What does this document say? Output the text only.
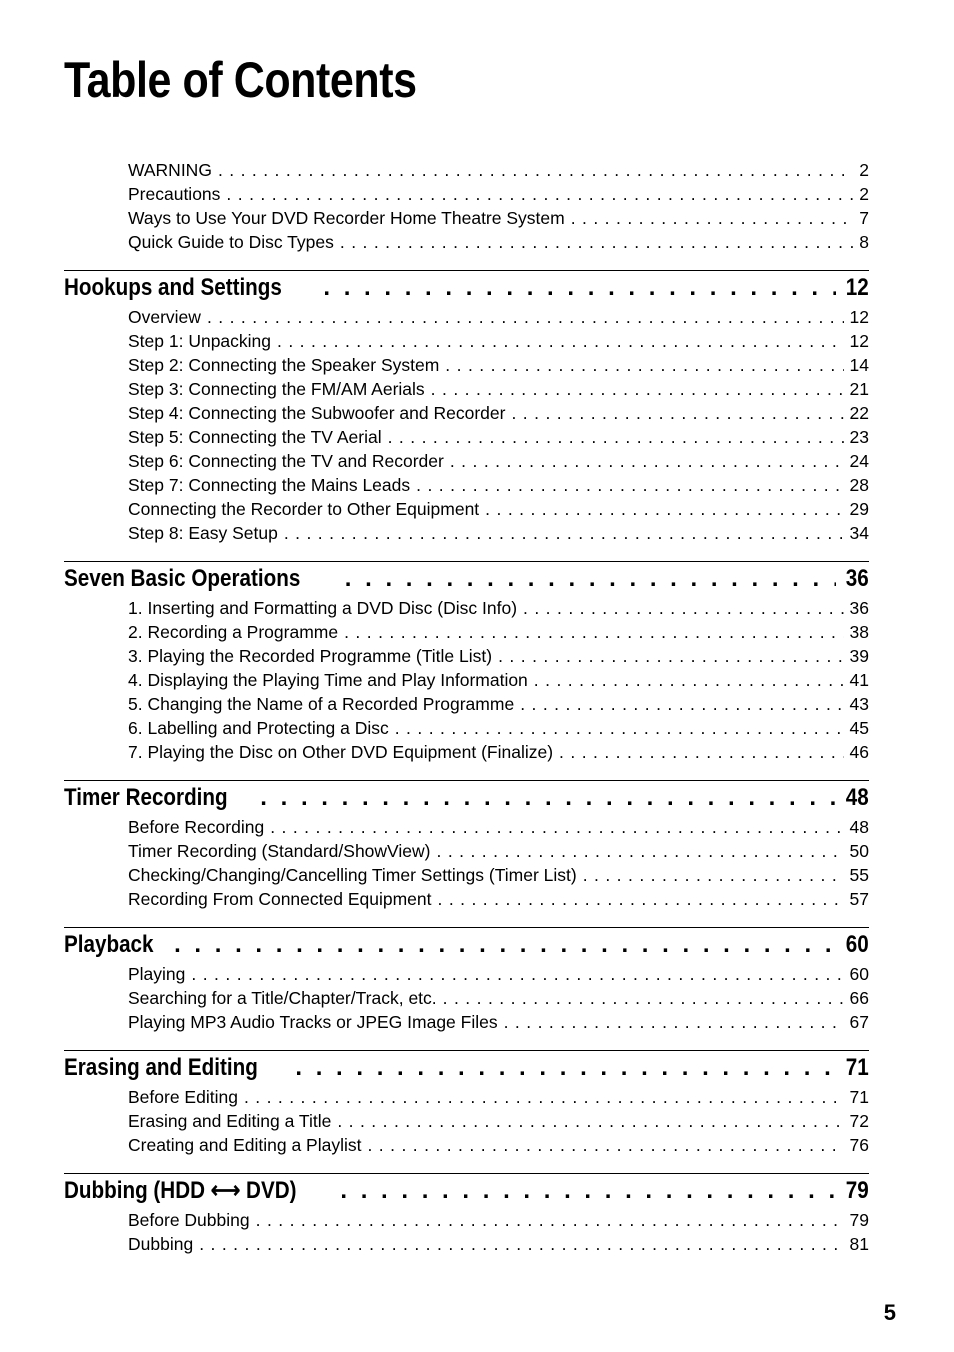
Table of Contents
WARNING . . .	2
Precautions . . .	2
Ways to Use Your DVD Recorder Home Theatre System . . .	7
Quick Guide to Disc Types . . .	8
Hookups and Settings . . .	12
Overview . . .	12
Step 1: Unpacking . . .	12
Step 2: Connecting the Speaker System . . .	14
Step 3: Connecting the FM/AM Aerials . . .	21
Step 4: Connecting the Subwoofer and Recorder . . .	22
Step 5: Connecting the TV Aerial . . .	23
Step 6: Connecting the TV and Recorder . . .	24
Step 7: Connecting the Mains Leads . . .	28
Connecting the Recorder to Other Equipment . . .	29
Step 8: Easy Setup . . .	34
Seven Basic Operations . . .	36
1. Inserting and Formatting a DVD Disc (Disc Info) . . .	36
2. Recording a Programme . . .	38
3. Playing the Recorded Programme (Title List) . . .	39
4. Displaying the Playing Time and Play Information . . .	41
5. Changing the Name of a Recorded Programme . . .	43
6. Labelling and Protecting a Disc . . .	45
7. Playing the Disc on Other DVD Equipment (Finalize) . . .	46
Timer Recording . . .	48
Before Recording . . .	48
Timer Recording (Standard/ShowView) . . .	50
Checking/Changing/Cancelling Timer Settings (Timer List) . . .	55
Recording From Connected Equipment . . .	57
Playback . . .	60
Playing . . .	60
Searching for a Title/Chapter/Track, etc. . . .	66
Playing MP3 Audio Tracks or JPEG Image Files . . .	67
Erasing and Editing . . .	71
Before Editing . . .	71
Erasing and Editing a Title . . .	72
Creating and Editing a Playlist . . .	76
Dubbing (HDD ⟷ DVD) . . .	79
Before Dubbing . . .	79
Dubbing . . .	81
5
